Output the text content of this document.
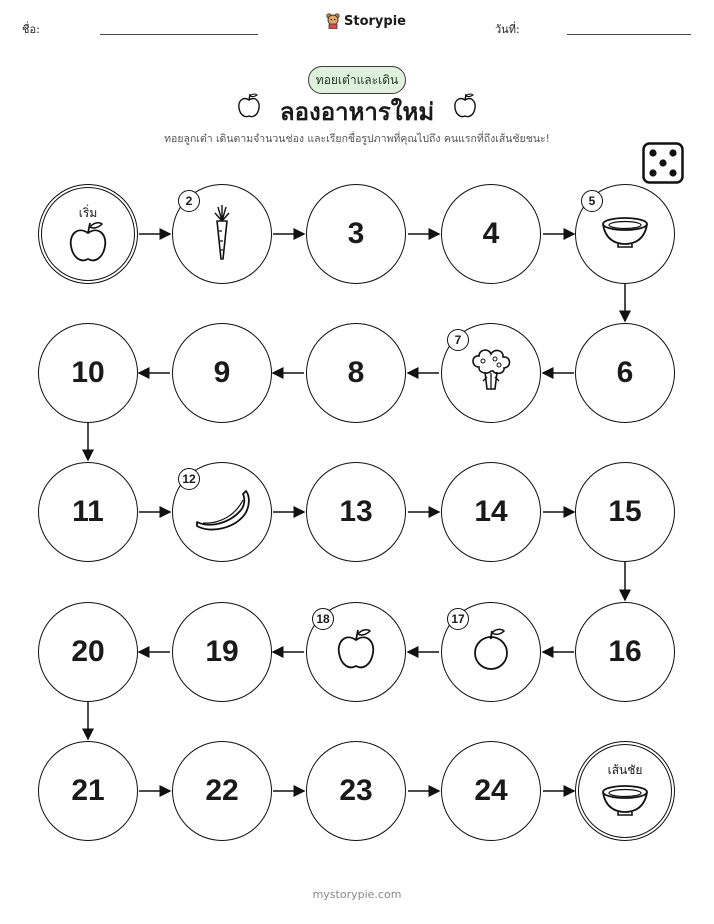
ชื่อ:
Storypie
วันที่:
ทอยเต๋าและเดิน
ลองอาหารใหม่
ทอยลูกเต๋า เดินตามจำนวนช่อง และเรียกชื่อรูปภาพที่คุณไปถึง คนแรกที่ถึงเส้นชัยชนะ!
เริ่ม
2
3	4
5
6
7
8
9
10
11
12
13	14	15
16
17
18
19
20
21	22	23	24
เส้นชัย
mystorypie.com
